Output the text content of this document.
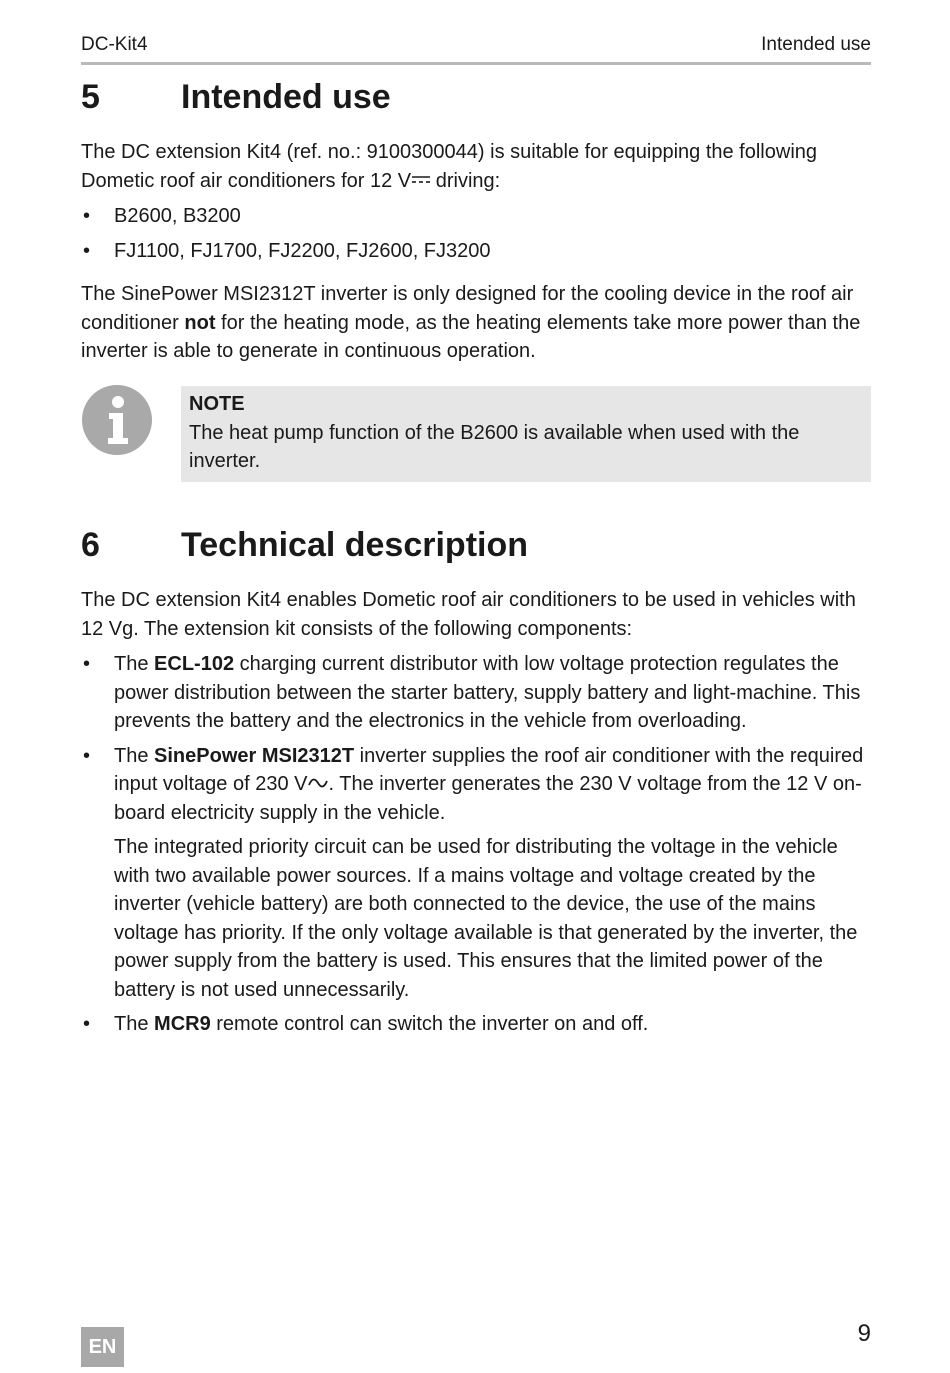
DC-Kit4	Intended use
5 Intended use
The DC extension Kit4 (ref. no.: 9100300044) is suitable for equipping the following Dometic roof air conditioners for 12 V driving:
• B2600, B3200
• FJ1100, FJ1700, FJ2200, FJ2600, FJ3200
The SinePower MSI2312T inverter is only designed for the cooling device in the roof air conditioner not for the heating mode, as the heating elements take more power than the inverter is able to generate in continuous operation.
NOTE
The heat pump function of the B2600 is available when used with the inverter.
6 Technical description
The DC extension Kit4 enables Dometic roof air conditioners to be used in vehicles with 12 Vg. The extension kit consists of the following components:
• The ECL-102 charging current distributor with low voltage protection regulates the power distribution between the starter battery, supply battery and light-machine. This prevents the battery and the electronics in the vehicle from overloading.
• The SinePower MSI2312T inverter supplies the roof air conditioner with the required input voltage of 230 V . The inverter generates the 230 V voltage from the 12 V on-board electricity supply in the vehicle.

The integrated priority circuit can be used for distributing the voltage in the vehicle with two available power sources. If a mains voltage and voltage created by the inverter (vehicle battery) are both connected to the device, the use of the mains voltage has priority. If the only voltage available is that generated by the inverter, the power supply from the battery is used. This ensures that the limited power of the battery is not used unnecessarily.

• The MCR9 remote control can switch the inverter on and off.
EN	9
